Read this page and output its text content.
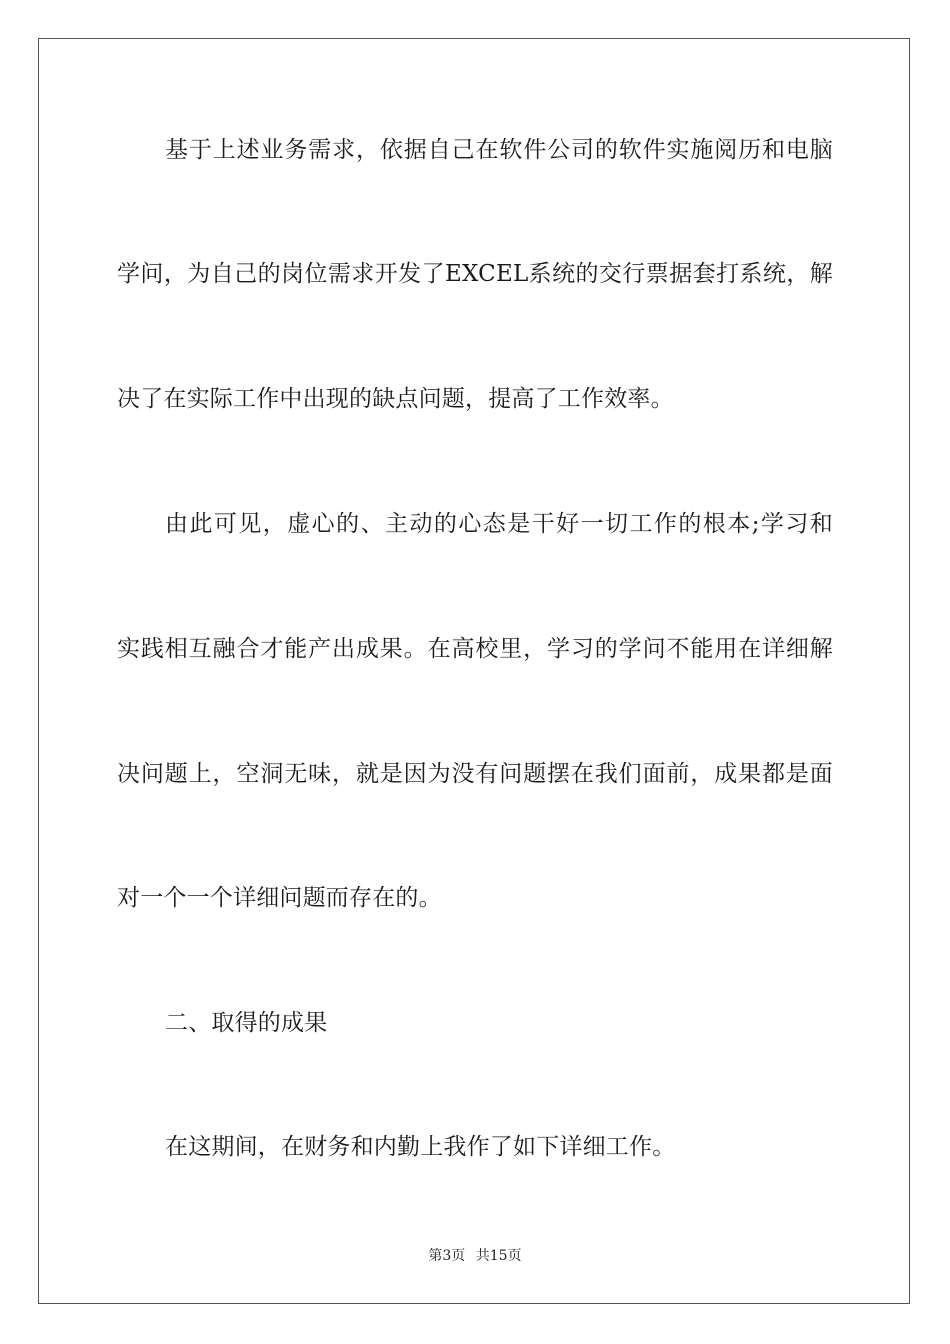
基于上述业务需求，依据自己在软件公司的软件实施阅历和电脑
学问，为自己的岗位需求开发了EXCEL系统的交行票据套打系统，解
决了在实际工作中出现的缺点问题，提高了工作效率。
由此可见，虚心的、主动的心态是干好一切工作的根本;学习和
实践相互融合才能产出成果。在高校里，学习的学问不能用在详细解
决问题上，空洞无味，就是因为没有问题摆在我们面前，成果都是面
对一个一个详细问题而存在的。
二、取得的成果
在这期间，在财务和内勤上我作了如下详细工作。
第3页 共15页
